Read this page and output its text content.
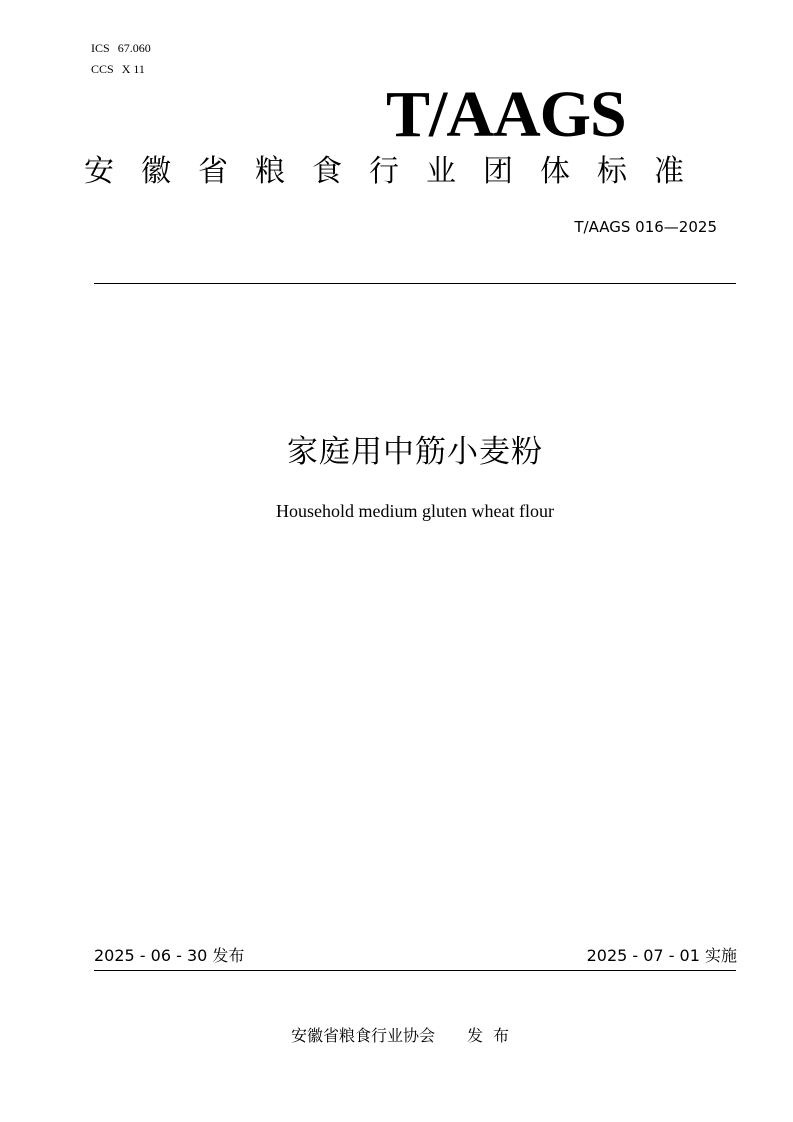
ICS 67.060
CCS X 11
T/AAGS
安徽省粮食行业团体标准
T/AAGS 016—2025
家庭用中筋小麦粉
Household medium gluten wheat flour
2025 - 06 - 30 发布	2025 - 07 - 01 实施
安徽省粮食行业协会 发布
